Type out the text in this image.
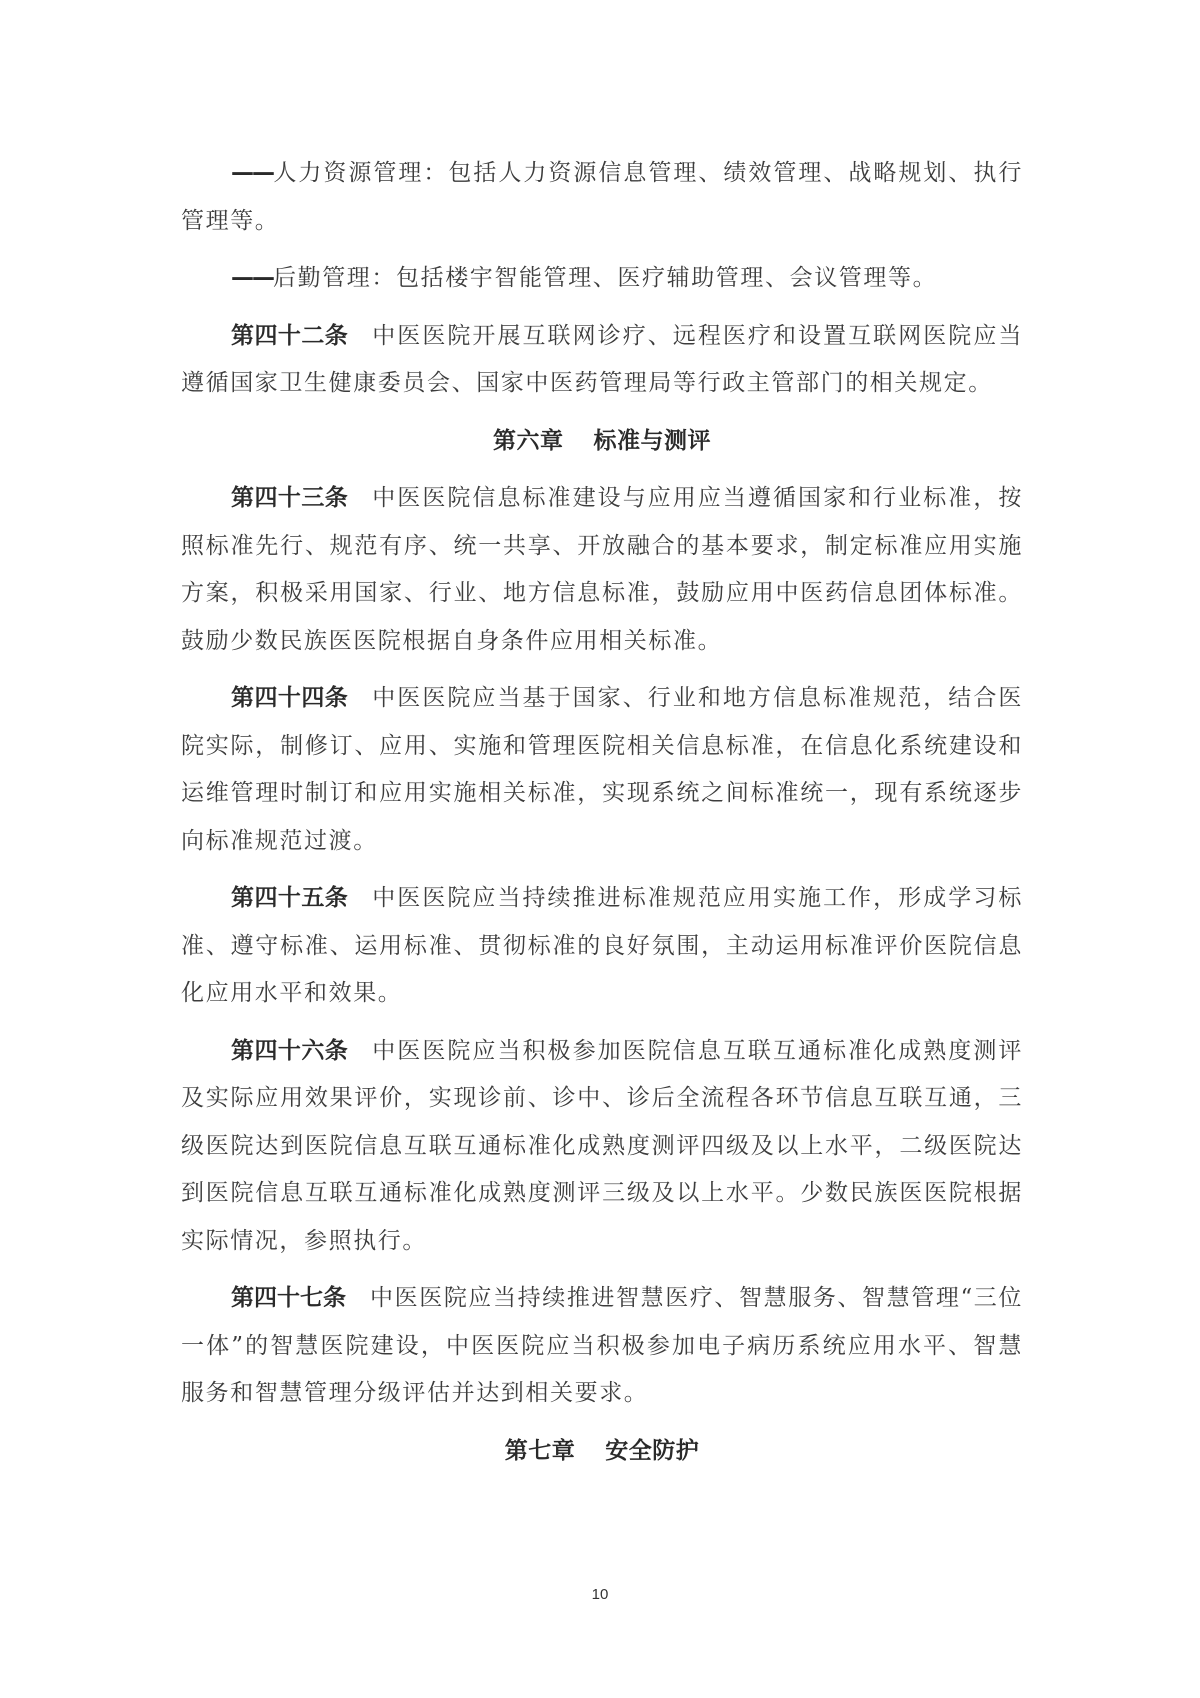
——人力资源管理：包括人力资源信息管理、绩效管理、战略规划、执行管理等。

——后勤管理：包括楼宇智能管理、医疗辅助管理、会议管理等。

第四十二条 中医医院开展互联网诊疗、远程医疗和设置互联网医院应当遵循国家卫生健康委员会、国家中医药管理局等行政主管部门的相关规定。

第六章 标准与测评

第四十三条 中医医院信息标准建设与应用应当遵循国家和行业标准，按照标准先行、规范有序、统一共享、开放融合的基本要求，制定标准应用实施方案，积极采用国家、行业、地方信息标准，鼓励应用中医药信息团体标准。鼓励少数民族医医院根据自身条件应用相关标准。

第四十四条 中医医院应当基于国家、行业和地方信息标准规范，结合医院实际，制修订、应用、实施和管理医院相关信息标准，在信息化系统建设和运维管理时制订和应用实施相关标准，实现系统之间标准统一，现有系统逐步向标准规范过渡。

第四十五条 中医医院应当持续推进标准规范应用实施工作，形成学习标准、遵守标准、运用标准、贯彻标准的良好氛围，主动运用标准评价医院信息化应用水平和效果。

第四十六条 中医医院应当积极参加医院信息互联互通标准化成熟度测评及实际应用效果评价，实现诊前、诊中、诊后全流程各环节信息互联互通，三级医院达到医院信息互联互通标准化成熟度测评四级及以上水平，二级医院达到医院信息互联互通标准化成熟度测评三级及以上水平。少数民族医医院根据实际情况，参照执行。

第四十七条 中医医院应当持续推进智慧医疗、智慧服务、智慧管理“三位一体”的智慧医院建设，中医医院应当积极参加电子病历系统应用水平、智慧服务和智慧管理分级评估并达到相关要求。

第七章 安全防护
10
